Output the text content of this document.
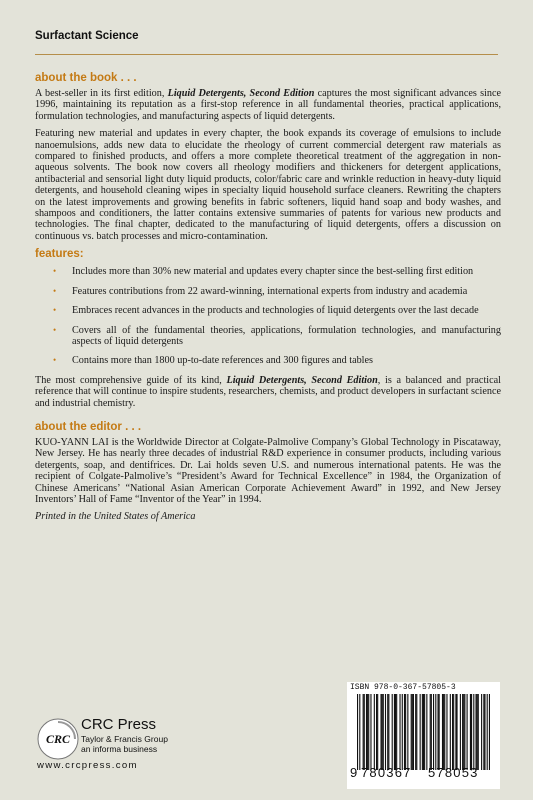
Surfactant Science
about the book . . .

A best-seller in its first edition, Liquid Detergents, Second Edition captures the most significant advances since 1996, maintaining its reputation as a first-stop reference in all fundamental theories, practical applications, formulation technologies, and manufacturing aspects of liquid detergents.

Featuring new material and updates in every chapter, the book expands its coverage of emulsions to include nanoemulsions, adds new data to elucidate the rheology of current commercial detergent raw materials as compared to finished products, and offers a more complete theoretical treatment of the aggregation in non-aqueous solvents. The book now covers all rheology modifiers and thickeners for detergent applications, antibacterial and sensorial light duty liquid products, color/fabric care and wrinkle reduction in heavy-duty liquid detergents, and household cleaning wipes in specialty liquid household surface cleaners. Rewriting the chapters on the latest improvements and growing benefits in fabric softeners, liquid hand soap and body washes, and shampoos and conditioners, the latter contains extensive summaries of patents for various new products and technologies. The final chapter, dedicated to the manufacturing of liquid detergents, offers a discussion on continuous vs. batch processes and micro-contamination.

features:
• Includes more than 30% new material and updates every chapter since the best-selling first edition
• Features contributions from 22 award-winning, international experts from industry and academia
• Embraces recent advances in the products and technologies of liquid detergents over the last decade
• Covers all of the fundamental theories, applications, formulation technologies, and manufacturing aspects of liquid detergents
• Contains more than 1800 up-to-date references and 300 figures and tables

The most comprehensive guide of its kind, Liquid Detergents, Second Edition, is a balanced and practical reference that will continue to inspire students, researchers, chemists, and product developers in surfactant science and industrial chemistry.

about the editor . . .

KUO-YANN LAI is the Worldwide Director at Colgate-Palmolive Company’s Global Technology in Piscataway, New Jersey. He has nearly three decades of industrial R&D experience in consumer products, including various detergents, soap, and dentifrices. Dr. Lai holds seven U.S. and numerous international patents. He was the recipient of Colgate-Palmolive’s “President’s Award for Technical Excellence” in 1984, the Organization of Chinese Americans’ “National Asian American Corporate Achievement Award” in 1992, and New Jersey Inventors’ Hall of Fame “Inventor of the Year” in 1994.

Printed in the United States of America
CRC
CRC Press
Taylor & Francis Group
an informa business
www.crcpress.com
ISBN 978-0-367-57805-3
9 780367 578053
